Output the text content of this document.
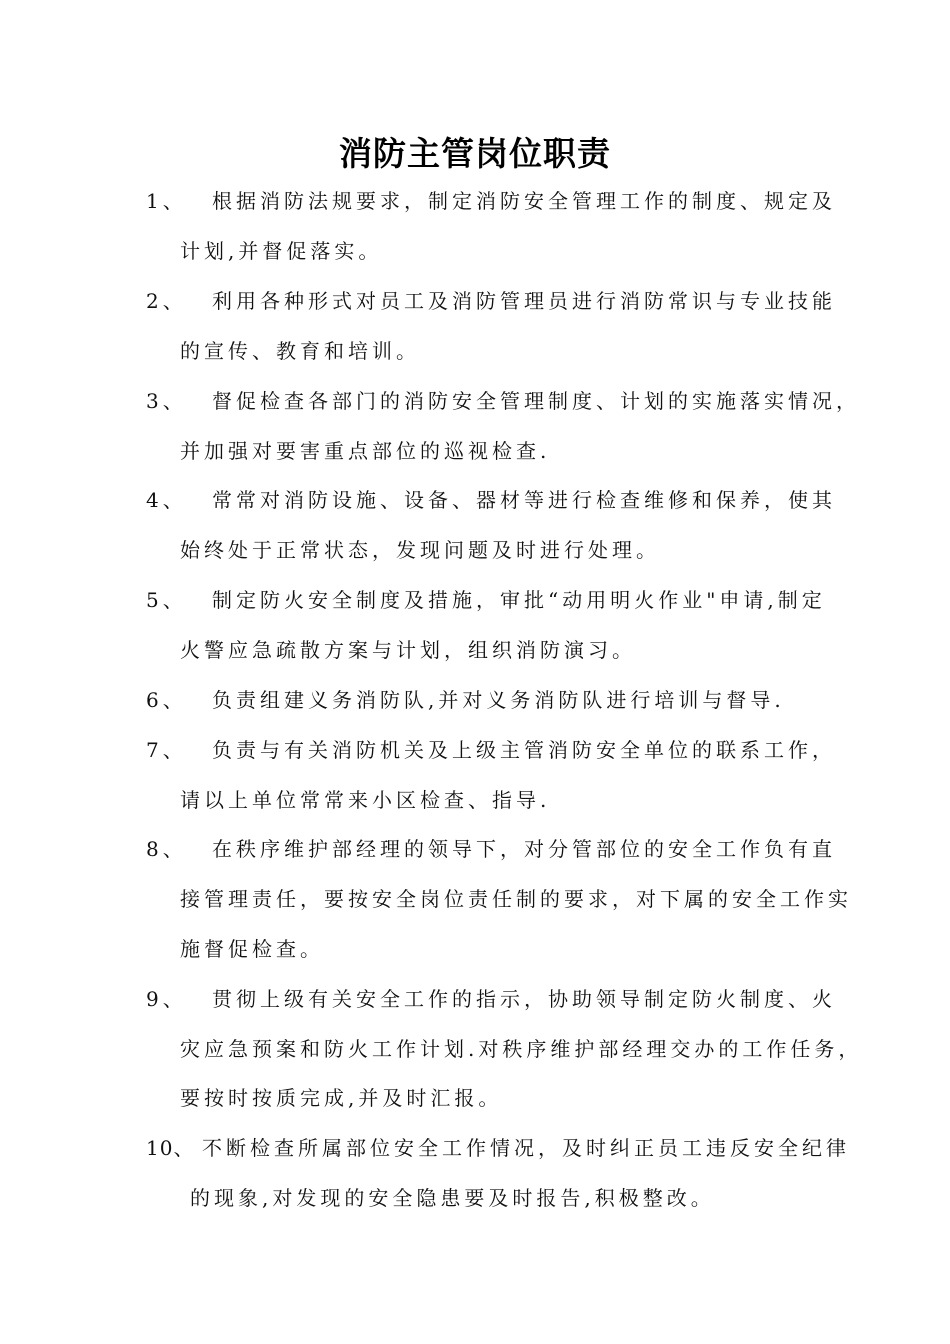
消防主管岗位职责
1、 根据消防法规要求，制定消防安全管理工作的制度、规定及
计划,并督促落实。
2、 利用各种形式对员工及消防管理员进行消防常识与专业技能
的宣传、教育和培训。
3、 督促检查各部门的消防安全管理制度、计划的实施落实情况，
并加强对要害重点部位的巡视检查.
4、 常常对消防设施、设备、器材等进行检查维修和保养，使其
始终处于正常状态，发现问题及时进行处理。
5、 制定防火安全制度及措施，审批“动用明火作业"申请,制定
火警应急疏散方案与计划，组织消防演习。
6、 负责组建义务消防队,并对义务消防队进行培训与督导.
7、 负责与有关消防机关及上级主管消防安全单位的联系工作，
请以上单位常常来小区检查、指导.
8、 在秩序维护部经理的领导下，对分管部位的安全工作负有直
接管理责任，要按安全岗位责任制的要求，对下属的安全工作实
施督促检查。
9、 贯彻上级有关安全工作的指示，协助领导制定防火制度、火
灾应急预案和防火工作计划.对秩序维护部经理交办的工作任务，
要按时按质完成,并及时汇报。
10、 不断检查所属部位安全工作情况，及时纠正员工违反安全纪律
的现象,对发现的安全隐患要及时报告,积极整改。
